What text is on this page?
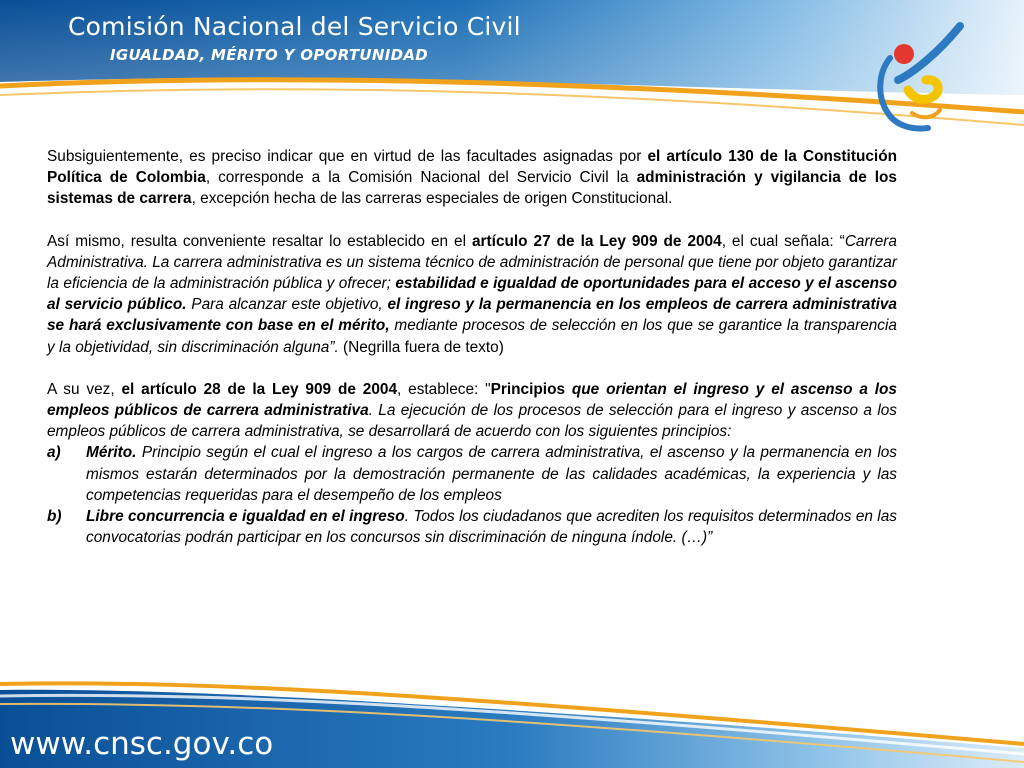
Comisión Nacional del Servicio Civil
IGUALDAD, MÉRITO Y OPORTUNIDAD

Subsiguientemente, es preciso indicar que en virtud de las facultades asignadas por el artículo 130 de la Constitución Política de Colombia, corresponde a la Comisión Nacional del Servicio Civil la administración y vigilancia de los sistemas de carrera, excepción hecha de las carreras especiales de origen Constitucional.

Así mismo, resulta conveniente resaltar lo establecido en el artículo 27 de la Ley 909 de 2004, el cual señala: “Carrera Administrativa. La carrera administrativa es un sistema técnico de administración de personal que tiene por objeto garantizar la eficiencia de la administración pública y ofrecer; estabilidad e igualdad de oportunidades para el acceso y el ascenso al servicio público. Para alcanzar este objetivo, el ingreso y la permanencia en los empleos de carrera administrativa se hará exclusivamente con base en el mérito, mediante procesos de selección en los que se garantice la transparencia y la objetividad, sin discriminación alguna”. (Negrilla fuera de texto)

A su vez, el artículo 28 de la Ley 909 de 2004, establece: "Principios que orientan el ingreso y el ascenso a los empleos públicos de carrera administrativa. La ejecución de los procesos de selección para el ingreso y ascenso a los empleos públicos de carrera administrativa, se desarrollará de acuerdo con los siguientes principios:

a) Mérito. Principio según el cual el ingreso a los cargos de carrera administrativa, el ascenso y la permanencia en los mismos estarán determinados por la demostración permanente de las calidades académicas, la experiencia y las competencias requeridas para el desempeño de los empleos
b) Libre concurrencia e igualdad en el ingreso. Todos los ciudadanos que acrediten los requisitos determinados en las convocatorias podrán participar en los concursos sin discriminación de ninguna índole. (…)”
www.cnsc.gov.co
